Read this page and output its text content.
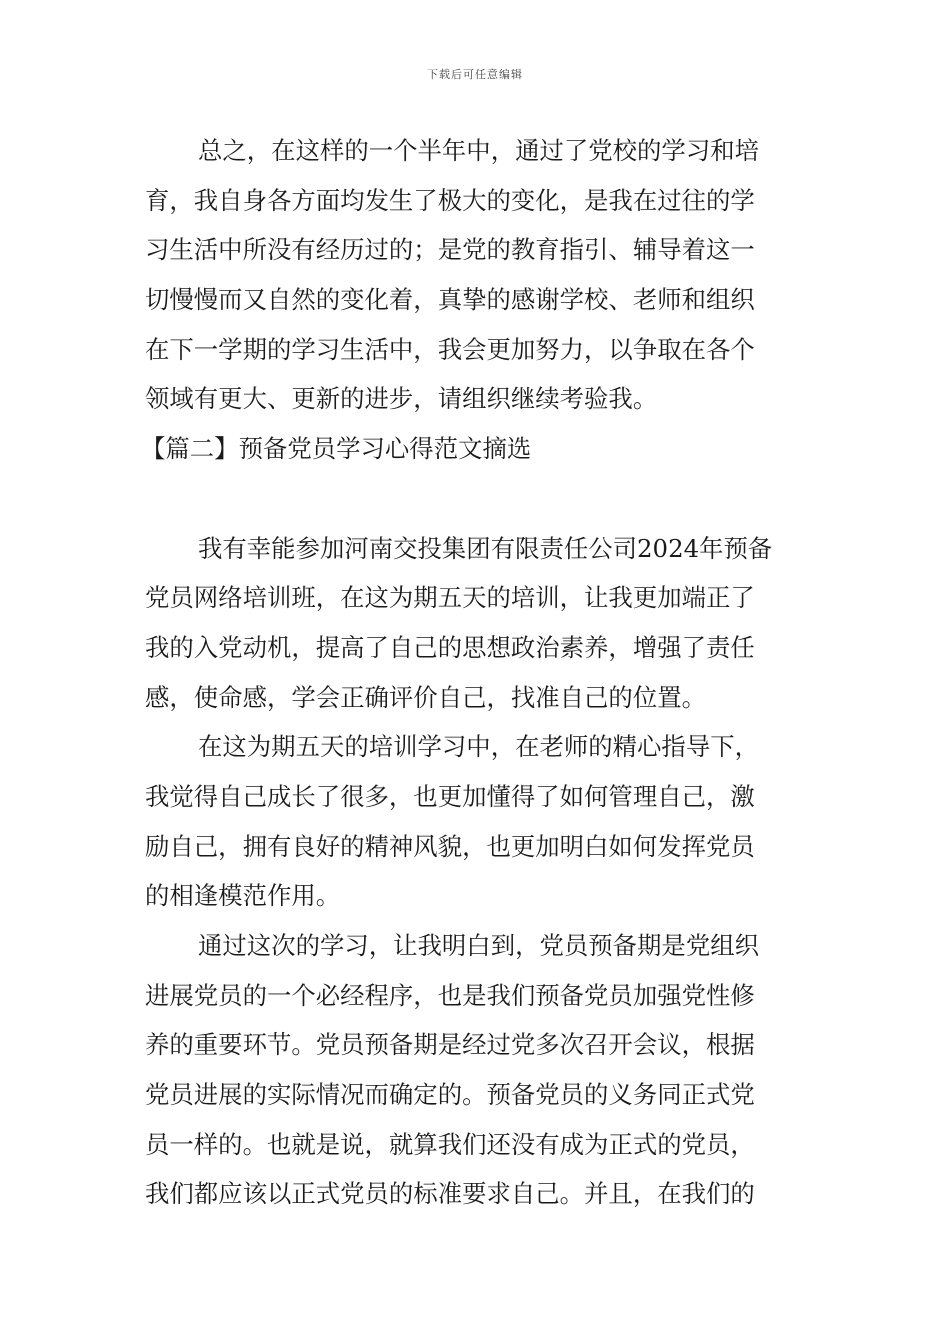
下载后可任意编辑
总之，在这样的一个半年中，通过了党校的学习和培
育，我自身各方面均发生了极大的变化，是我在过往的学
习生活中所没有经历过的；是党的教育指引、辅导着这一
切慢慢而又自然的变化着，真挚的感谢学校、老师和组织
在下一学期的学习生活中，我会更加努力，以争取在各个
领域有更大、更新的进步，请组织继续考验我。
【篇二】预备党员学习心得范文摘选
我有幸能参加河南交投集团有限责任公司2024年预备
党员网络培训班，在这为期五天的培训，让我更加端正了
我的入党动机，提高了自己的思想政治素养，增强了责任
感，使命感，学会正确评价自己，找准自己的位置。
在这为期五天的培训学习中，在老师的精心指导下，
我觉得自己成长了很多，也更加懂得了如何管理自己，激
励自己，拥有良好的精神风貌，也更加明白如何发挥党员
的相逢模范作用。
通过这次的学习，让我明白到，党员预备期是党组织
进展党员的一个必经程序，也是我们预备党员加强党性修
养的重要环节。党员预备期是经过党多次召开会议，根据
党员进展的实际情况而确定的。预备党员的义务同正式党
员一样的。也就是说，就算我们还没有成为正式的党员，
我们都应该以正式党员的标准要求自己。并且，在我们的
